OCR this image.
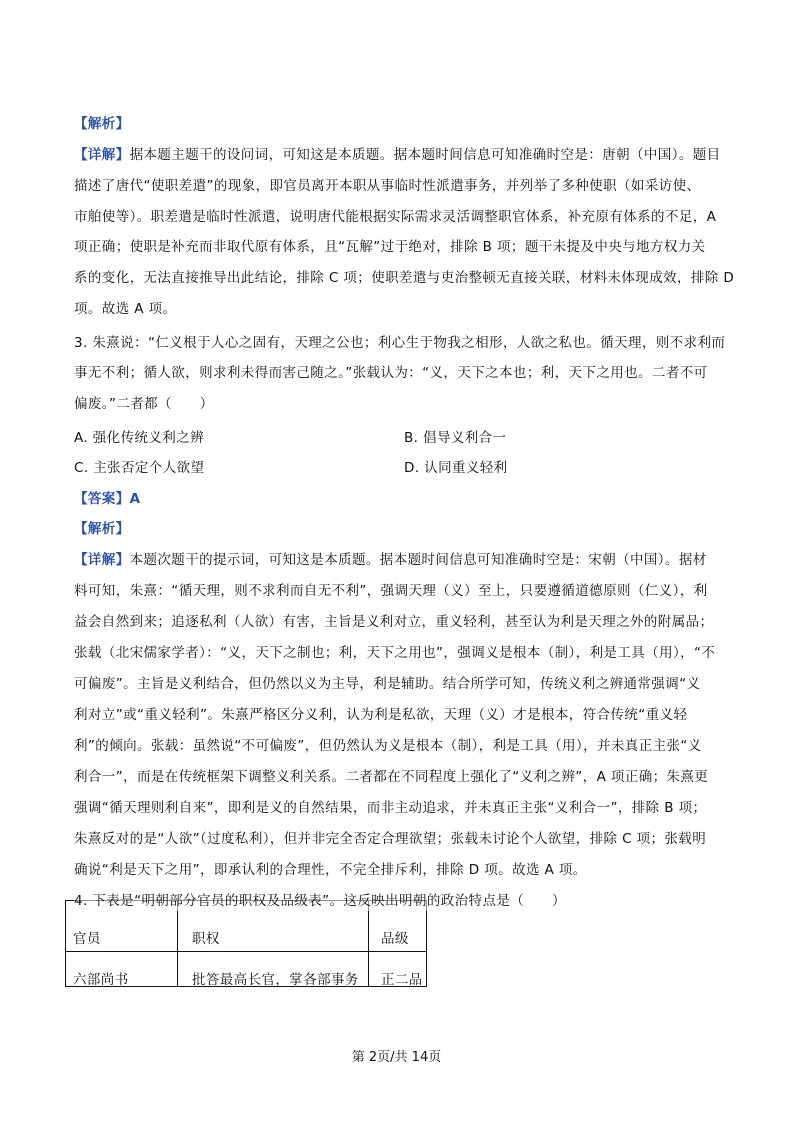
【解析】
【详解】据本题主题干的设问词，可知这是本质题。据本题时间信息可知准确时空是：唐朝（中国）。题目
描述了唐代“使职差遣”的现象，即官员离开本职从事临时性派遣事务，并列举了多种使职（如采访使、
市舶使等）。职差遣是临时性派遣，说明唐代能根据实际需求灵活调整职官体系，补充原有体系的不足，A
项正确；使职是补充而非取代原有体系，且“瓦解”过于绝对，排除 B 项；题干未提及中央与地方权力关
系的变化，无法直接推导出此结论，排除 C 项；使职差遣与吏治整顿无直接关联，材料未体现成效，排除 D
项。故选 A 项。
3. 朱熹说：“仁义根于人心之固有，天理之公也；利心生于物我之相形，人欲之私也。循天理，则不求利而
事无不利；循人欲，则求利未得而害己随之。”张载认为：“义，天下之本也；利，天下之用也。二者不可
偏废。”二者都（　　）
A. 强化传统义利之辨	B. 倡导义利合一
C. 主张否定个人欲望	D. 认同重义轻利
【答案】A
【解析】
【详解】本题次题干的提示词，可知这是本质题。据本题时间信息可知准确时空是：宋朝（中国）。据材
料可知，朱熹：“循天理，则不求利而自无不利”，强调天理（义）至上，只要遵循道德原则（仁义），利
益会自然到来；追逐私利（人欲）有害，主旨是义利对立，重义轻利，甚至认为利是天理之外的附属品；
张载（北宋儒家学者）：“义，天下之制也；利，天下之用也”，强调义是根本（制），利是工具（用），“不
可偏废”。主旨是义利结合，但仍然以义为主导，利是辅助。结合所学可知，传统义利之辨通常强调“义
利对立”或“重义轻利”。朱熹严格区分义利，认为利是私欲，天理（义）才是根本，符合传统“重义轻
利”的倾向。张载：虽然说“不可偏废”，但仍然认为义是根本（制），利是工具（用），并未真正主张“义
利合一”，而是在传统框架下调整义利关系。二者都在不同程度上强化了“义利之辨”，A 项正确；朱熹更
强调“循天理则利自来”，即利是义的自然结果，而非主动追求，并未真正主张“义利合一”，排除 B 项；
朱熹反对的是“人欲”（过度私利），但并非完全否定合理欲望；张载未讨论个人欲望，排除 C 项；张载明
确说“利是天下之用”，即承认利的合理性，不完全排斥利，排除 D 项。故选 A 项。
官员	职权	品级
六部尚书	批答最高长官，掌各部事务 正二品
4. 下表是“明朝部分官员的职权及品级表”。这反映出明朝的政治特点是（　　）
第 2页/共 14页
